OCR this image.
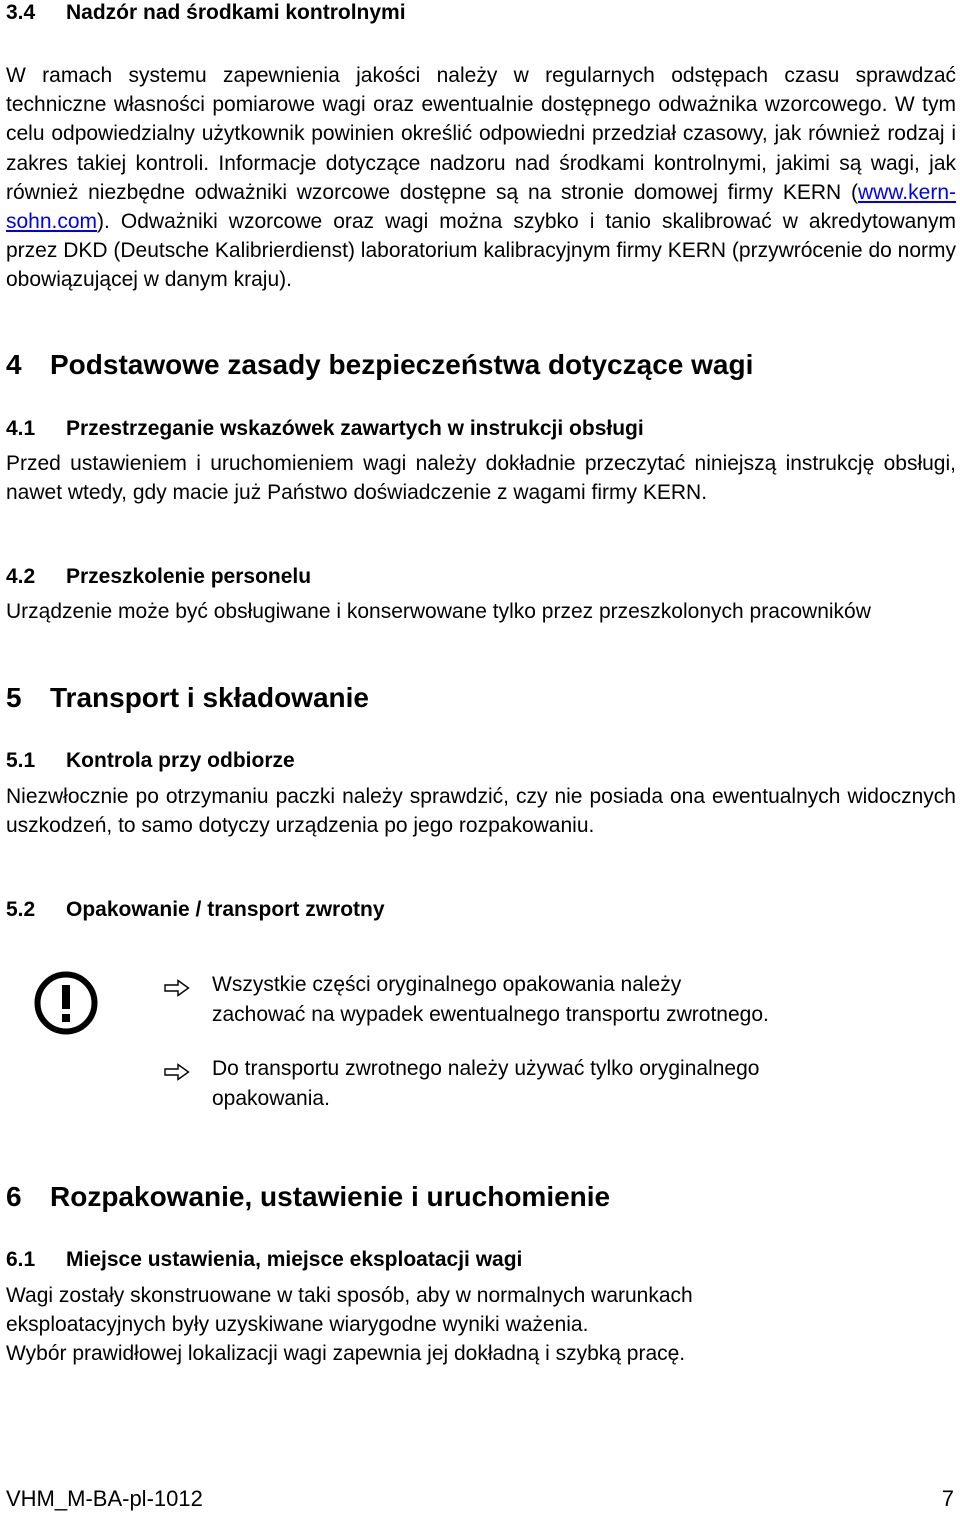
3.4 Nadzór nad środkami kontrolnymi
W ramach systemu zapewnienia jakości należy w regularnych odstępach czasu sprawdzać techniczne własności pomiarowe wagi oraz ewentualnie dostępnego odważnika wzorcowego. W tym celu odpowiedzialny użytkownik powinien określić odpowiedni przedział czasowy, jak również rodzaj i zakres takiej kontroli. Informacje dotyczące nadzoru nad środkami kontrolnymi, jakimi są wagi, jak również niezbędne odważniki wzorcowe dostępne są na stronie domowej firmy KERN (www.kern-sohn.com). Odważniki wzorcowe oraz wagi można szybko i tanio skalibrować w akredytowanym przez DKD (Deutsche Kalibrierdienst) laboratorium kalibracyjnym firmy KERN (przywrócenie do normy obowiązującej w danym kraju).
4 Podstawowe zasady bezpieczeństwa dotyczące wagi
4.1 Przestrzeganie wskazówek zawartych w instrukcji obsługi
Przed ustawieniem i uruchomieniem wagi należy dokładnie przeczytać niniejszą instrukcję obsługi, nawet wtedy, gdy macie już Państwo doświadczenie z wagami firmy KERN.
4.2 Przeszkolenie personelu
Urządzenie może być obsługiwane i konserwowane tylko przez przeszkolonych pracowników
5 Transport i składowanie
5.1 Kontrola przy odbiorze
Niezwłocznie po otrzymaniu paczki należy sprawdzić, czy nie posiada ona ewentualnych widocznych uszkodzeń, to samo dotyczy urządzenia po jego rozpakowaniu.
5.2 Opakowanie / transport zwrotny
Wszystkie części oryginalnego opakowania należy
zachować na wypadek ewentualnego transportu zwrotnego.
Do transportu zwrotnego należy używać tylko oryginalnego
opakowania.
6 Rozpakowanie, ustawienie i uruchomienie
6.1 Miejsce ustawienia, miejsce eksploatacji wagi
Wagi zostały skonstruowane w taki sposób, aby w normalnych warunkach
eksploatacyjnych były uzyskiwane wiarygodne wyniki ważenia.
Wybór prawidłowej lokalizacji wagi zapewnia jej dokładną i szybką pracę.
VHM_M-BA-pl-1012	7
